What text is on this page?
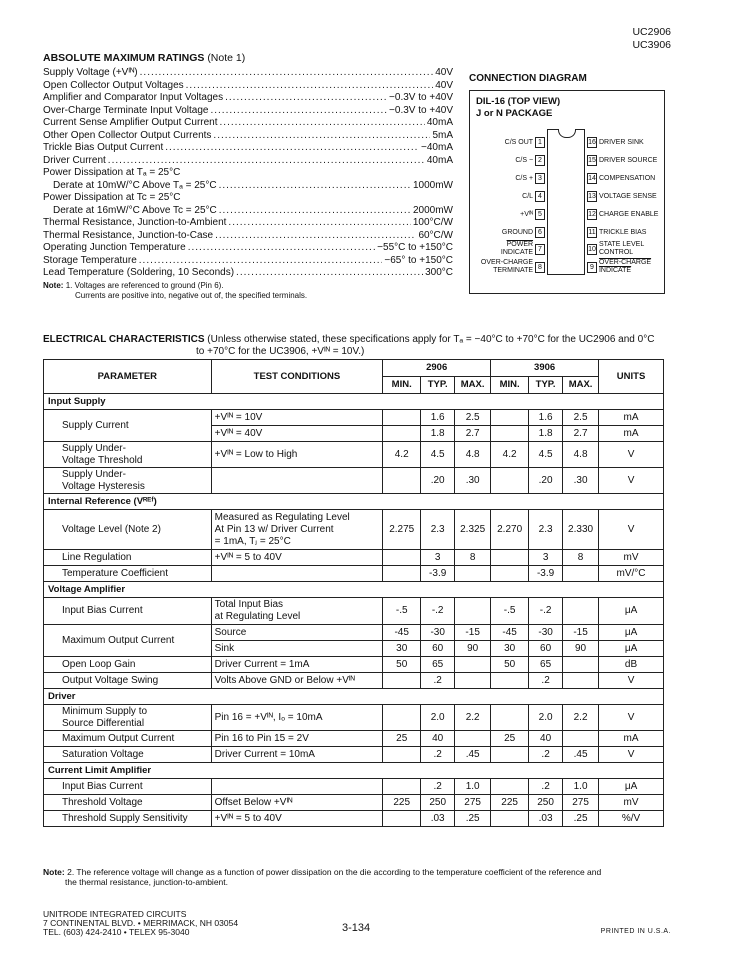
UC2906
UC3906
ABSOLUTE MAXIMUM RATINGS (Note 1)
Supply Voltage (+Vᴵᴺ) .....	40V
Open Collector Output Voltages .....	40V
Amplifier and Comparator Input Voltages .....	−0.3V to +40V
Over-Charge Terminate Input Voltage .....	−0.3V to +40V
Current Sense Amplifier Output Current .....	40mA
Other Open Collector Output Currents .....	5mA
Trickle Bias Output Current .....	−40mA
Driver Current .....	40mA
Power Dissipation at Tₐ = 25°C
Derate at 10mW/°C Above Tₐ = 25°C .....	1000mW
Power Dissipation at Tc = 25°C
Derate at 16mW/°C Above Tc = 25°C .....	2000mW
Thermal Resistance, Junction-to-Ambient .....	100°C/W
Thermal Resistance, Junction-to-Case .....	60°C/W
Operating Junction Temperature .....	−55°C to +150°C
Storage Temperature .....	−65° to +150°C
Lead Temperature (Soldering, 10 Seconds) .....	300°C
Note: 1. Voltages are referenced to ground (Pin 6).
Currents are positive into, negative out of, the specified terminals.
CONNECTION DIAGRAM
DIL-16 (TOP VIEW)
J or N PACKAGE
C/S OUT 1
C/S − 2
C/S + 3
C/L 4
+Vᴵᴺ 5
GROUND 6
POWER
INDICATE 7
OVER-CHARGE
TERMINATE 8
16 DRIVER SINK
15 DRIVER SOURCE
14 COMPENSATION
13 VOLTAGE SENSE
12 CHARGE ENABLE
11 TRICKLE BIAS
10 STATE LEVEL
CONTROL
9 OVER-CHARGE
INDICATE
ELECTRICAL CHARACTERISTICS (Unless otherwise stated, these specifications apply for Tₐ = −40°C to +70°C for the UC2906 and 0°C
to +70°C for the UC3906, +Vᴵᴺ = 10V.)
PARAMETER	TEST CONDITIONS	2906			3906			UNITS
		MIN.	TYP.	MAX.	MIN.	TYP.	MAX.	
Input Supply								
Supply Current	+Vᴵᴺ = 10V		1.6	2.5		1.6	2.5	mA
	+Vᴵᴺ = 40V		1.8	2.7		1.8	2.7	mA
Supply Under-
Voltage Threshold	+Vᴵᴺ = Low to High	4.2	4.5	4.8	4.2	4.5	4.8	V
Supply Under-
Voltage Hysteresis			.20	.30		.20	.30	V
Internal Reference (Vᴿᴱᶠ)								
Voltage Level (Note 2)	Measured as Regulating Level
At Pin 13 w/ Driver Current
= 1mA, Tⱼ = 25°C	2.275	2.3	2.325	2.270	2.3	2.330	V
Line Regulation	+Vᴵᴺ = 5 to 40V		3	8		3	8	mV
Temperature Coefficient			-3.9			-3.9		mV/°C
Voltage Amplifier								
Input Bias Current	Total Input Bias
at Regulating Level	-.5	-.2		-.5	-.2		μA
Maximum Output Current	Source	-45	-30	-15	-45	-30	-15	μA
	Sink	30	60	90	30	60	90	μA
Open Loop Gain	Driver Current = 1mA	50	65		50	65		dB
Output Voltage Swing	Volts Above GND or Below +Vᴵᴺ		.2			.2		V
Driver								
Minimum Supply to
Source Differential	Pin 16 = +Vᴵᴺ, Iₒ = 10mA		2.0	2.2		2.0	2.2	V
Maximum Output Current	Pin 16 to Pin 15 = 2V	25	40		25	40		mA
Saturation Voltage	Driver Current = 10mA		.2	.45		.2	.45	V
Current Limit Amplifier								
Input Bias Current			.2	1.0		.2	1.0	μA
Threshold Voltage	Offset Below +Vᴵᴺ	225	250	275	225	250	275	mV
Threshold Supply Sensitivity	+Vᴵᴺ = 5 to 40V		.03	.25		.03	.25	%/V
Note: 2. The reference voltage will change as a function of power dissipation on the die according to the temperature coefficient of the reference and
the thermal resistance, junction-to-ambient.
UNITRODE INTEGRATED CIRCUITS
7 CONTINENTAL BLVD. • MERRIMACK, NH 03054
TEL. (603) 424-2410 • TELEX 95-3040	3-134	PRINTED IN U.S.A.
